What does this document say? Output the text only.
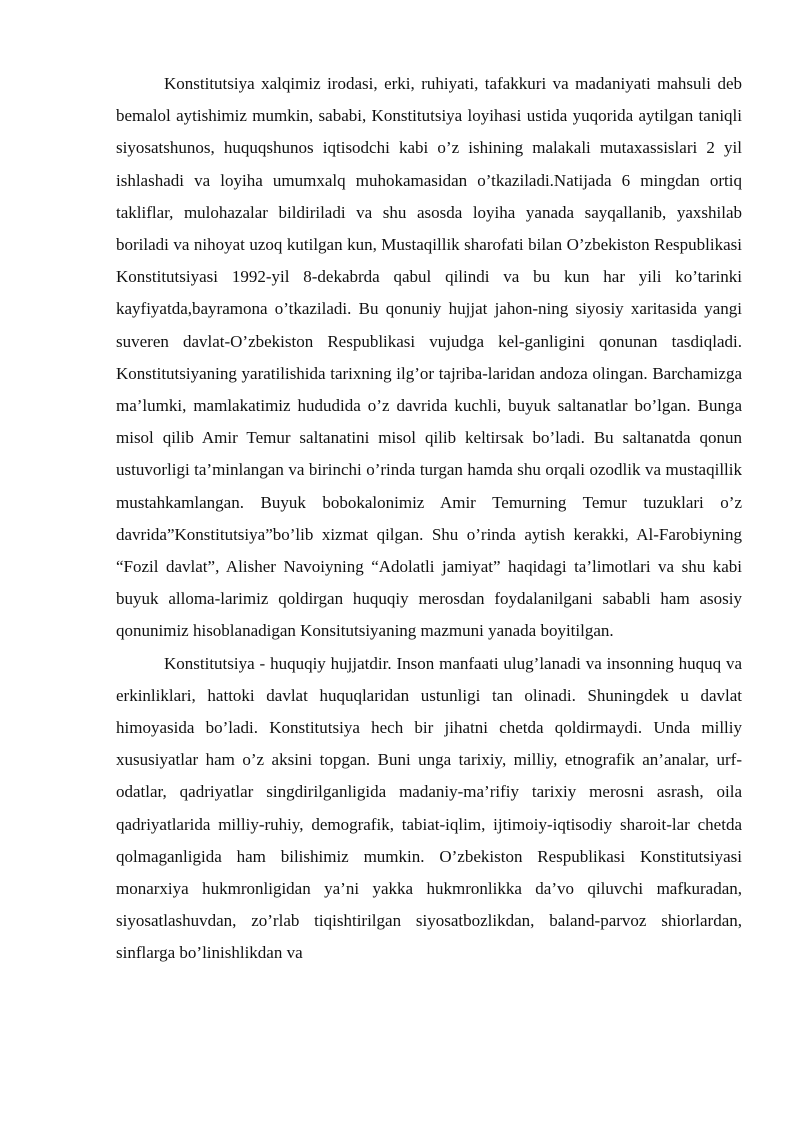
Konstitutsiya xalqimiz irodasi, erki, ruhiyati, tafakkuri va madaniyati mahsuli deb bemalol aytishimiz mumkin, sababi, Konstitutsiya loyihasi ustida yuqorida aytilgan taniqli siyosatshunos, huquqshunos iqtisodchi kabi o’z ishining malakali mutaxassislari 2 yil ishlashadi va loyiha umumxalq muhokamasidan o’tkaziladi.Natijada 6 mingdan ortiq takliflar, mulohazalar bildiriladi va shu asosda loyiha yanada sayqallanib, yaxshilab boriladi va nihoyat uzoq kutilgan kun, Mustaqillik sharofati bilan O’zbekiston Respublikasi Konstitutsiyasi 1992-yil 8-dekabrda qabul qilindi va bu kun har yili ko’tarinki kayfiyatda,bayramona o’tkaziladi. Bu qonuniy hujjat jahon-ning siyosiy xaritasida yangi suveren davlat-O’zbekiston Respublikasi vujudga kel-ganligini qonunan tasdiqladi. Konstitutsiyaning yaratilishida tarixning ilg’or tajriba-laridan andoza olingan. Barchamizga ma’lumki, mamlakatimiz hududida o’z davrida kuchli, buyuk saltanatlar bo’lgan. Bunga misol qilib Amir Temur saltanatini misol qilib keltirsak bo’ladi. Bu saltanatda qonun ustuvorligi ta’minlangan va birinchi o’rinda turgan hamda shu orqali ozodlik va mustaqillik mustahkamlangan. Buyuk bobokalonimiz Amir Temurning Temur tuzuklari o’z davrida”Konstitutsiya”bo’lib xizmat qilgan. Shu o’rinda aytish kerakki, Al-Farobiyning “Fozil davlat”, Alisher Navoiyning “Adolatli jamiyat” haqidagi ta’limotlari va shu kabi buyuk alloma-larimiz qoldirgan huquqiy merosdan foydalanilgani sababli ham asosiy qonunimiz hisoblanadigan Konsitutsiyaning mazmuni yanada boyitilgan.

Konstitutsiya - huquqiy hujjatdir. Inson manfaati ulug’lanadi va insonning huquq va erkinliklari, hattoki davlat huquqlaridan ustunligi tan olinadi. Shuningdek u davlat himoyasida bo’ladi. Konstitutsiya hech bir jihatni chetda qoldirmaydi. Unda milliy xususiyatlar ham o’z aksini topgan. Buni unga tarixiy, milliy, etnografik an’analar, urf-odatlar, qadriyatlar singdirilganligida madaniy-ma’rifiy tarixiy merosni asrash, oila qadriyatlarida milliy-ruhiy, demografik, tabiat-iqlim, ijtimoiy-iqtisodiy sharoit-lar chetda qolmaganligida ham bilishimiz mumkin. O’zbekiston Respublikasi Konstitutsiyasi monarxiya hukmronligidan ya’ni yakka hukmronlikka da’vo qiluvchi mafkuradan, siyosatlashuvdan, zo’rlab tiqishtirilgan siyosatbozlikdan, baland-parvoz shiorlardan, sinflarga bo’linishlikdan va
